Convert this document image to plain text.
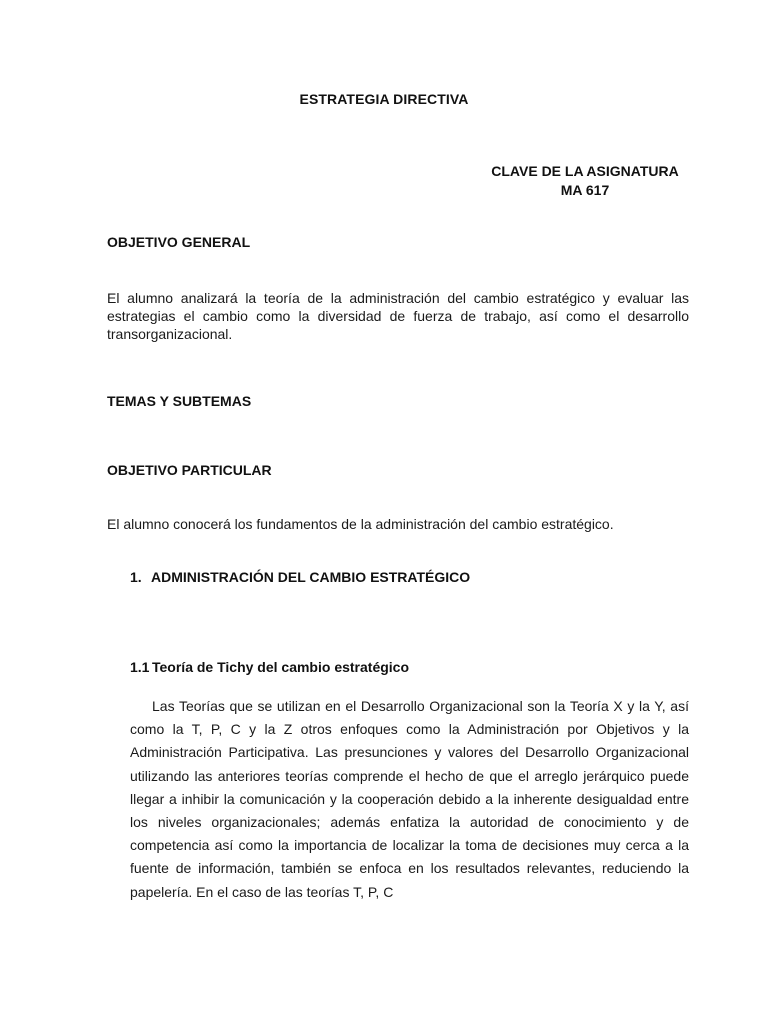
ESTRATEGIA DIRECTIVA
CLAVE DE LA ASIGNATURA
MA 617
OBJETIVO GENERAL
El alumno analizará la teoría de la administración del cambio estratégico y evaluar las estrategias el cambio como la diversidad de fuerza de trabajo, así como el desarrollo transorganizacional.
TEMAS Y SUBTEMAS
OBJETIVO PARTICULAR
El alumno conocerá los fundamentos de la administración del cambio estratégico.
1. ADMINISTRACIÓN DEL CAMBIO ESTRATÉGICO
1.1 Teoría de Tichy del cambio estratégico
Las Teorías que se utilizan en el Desarrollo Organizacional son la Teoría X y la Y, así como la T, P, C y la Z otros enfoques como la Administración por Objetivos y la Administración Participativa. Las presunciones y valores del Desarrollo Organizacional utilizando las anteriores teorías comprende el hecho de que el arreglo jerárquico puede llegar a inhibir la comunicación y la cooperación debido a la inherente desigualdad entre los niveles organizacionales; además enfatiza la autoridad de conocimiento y de competencia así como la importancia de localizar la toma de decisiones muy cerca a la fuente de información, también se enfoca en los resultados relevantes, reduciendo la papelería. En el caso de las teorías T, P, C
